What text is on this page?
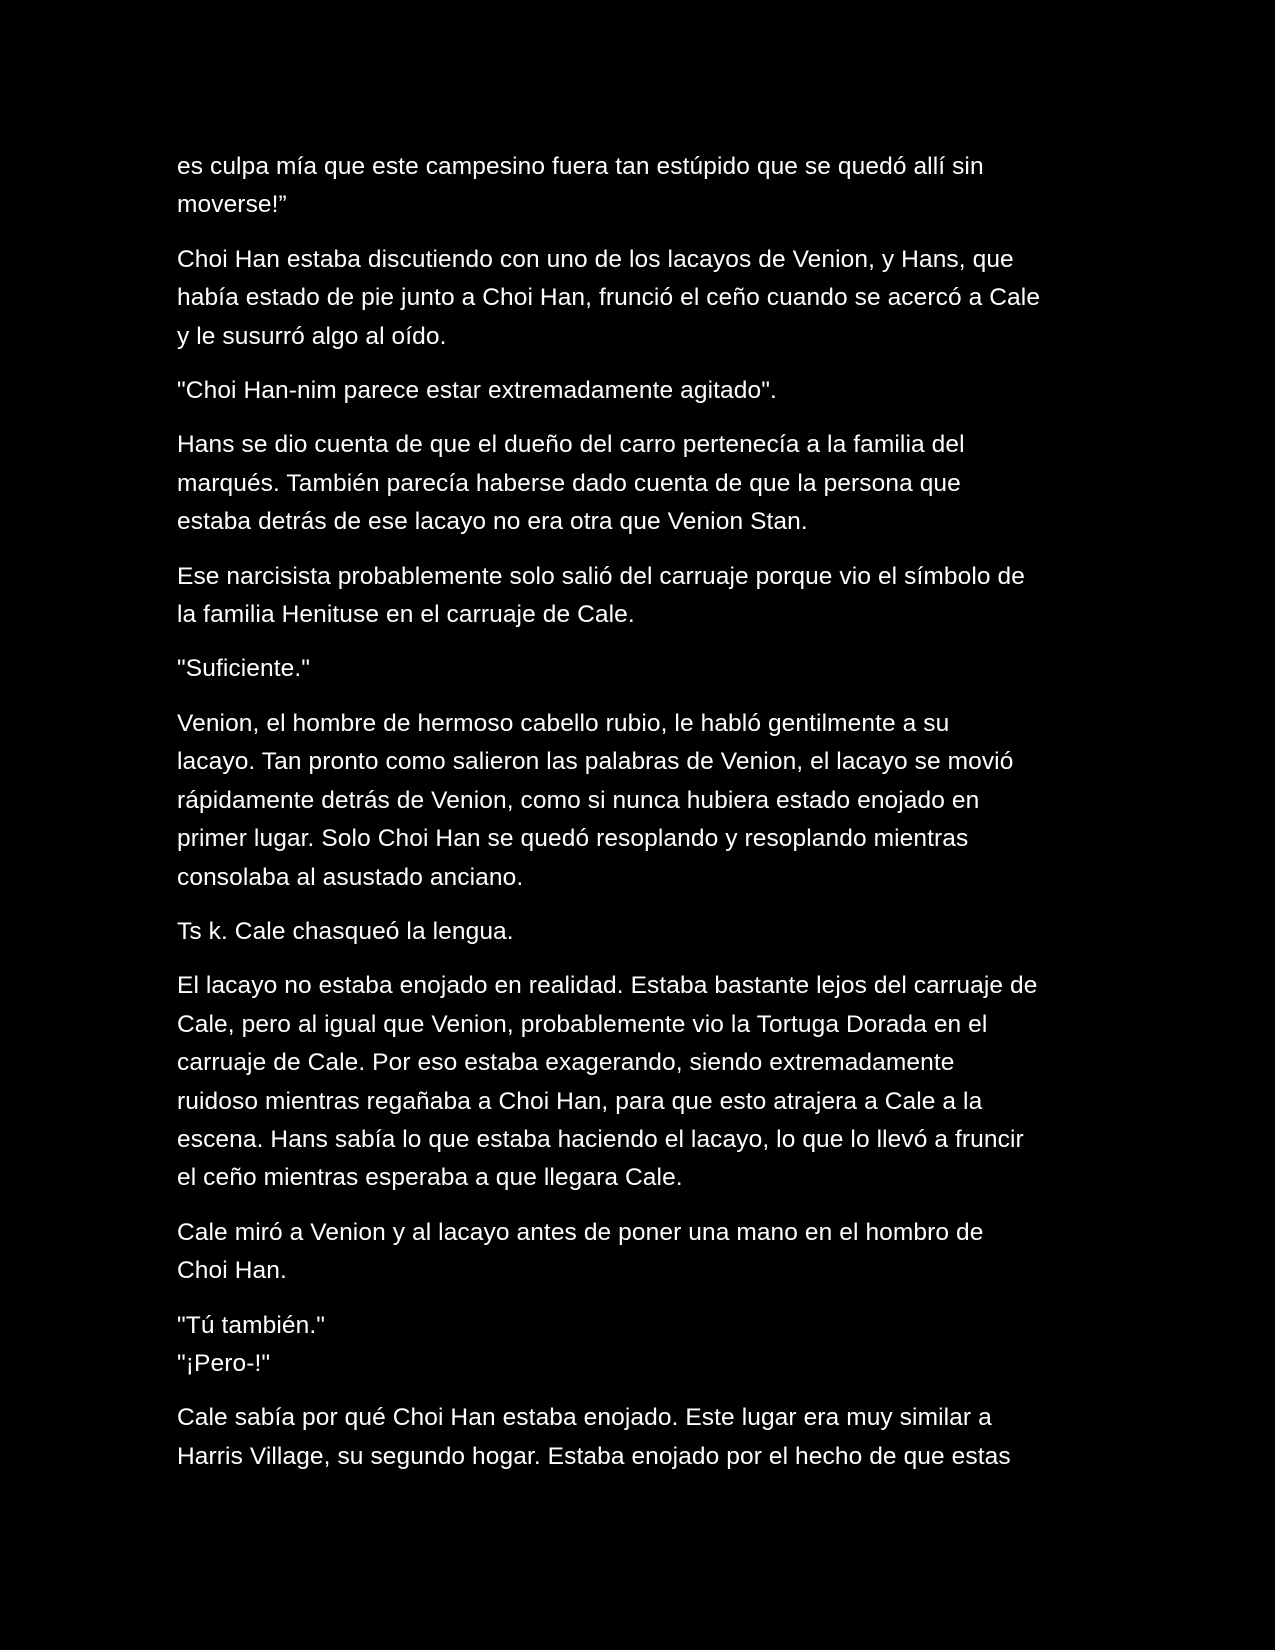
es culpa mía que este campesino fuera tan estúpido que se quedó allí sin
moverse!”
Choi Han estaba discutiendo con uno de los lacayos de Venion, y Hans, que
había estado de pie junto a Choi Han, frunció el ceño cuando se acercó a Cale
y le susurró algo al oído.
"Choi Han-nim parece estar extremadamente agitado".
Hans se dio cuenta de que el dueño del carro pertenecía a la familia del
marqués. También parecía haberse dado cuenta de que la persona que
estaba detrás de ese lacayo no era otra que Venion Stan.
Ese narcisista probablemente solo salió del carruaje porque vio el símbolo de
la familia Henituse en el carruaje de Cale.
"Suficiente."
Venion, el hombre de hermoso cabello rubio, le habló gentilmente a su
lacayo. Tan pronto como salieron las palabras de Venion, el lacayo se movió
rápidamente detrás de Venion, como si nunca hubiera estado enojado en
primer lugar. Solo Choi Han se quedó resoplando y resoplando mientras
consolaba al asustado anciano.
Ts k. Cale chasqueó la lengua.
El lacayo no estaba enojado en realidad. Estaba bastante lejos del carruaje de
Cale, pero al igual que Venion, probablemente vio la Tortuga Dorada en el
carruaje de Cale. Por eso estaba exagerando, siendo extremadamente
ruidoso mientras regañaba a Choi Han, para que esto atrajera a Cale a la
escena. Hans sabía lo que estaba haciendo el lacayo, lo que lo llevó a fruncir
el ceño mientras esperaba a que llegara Cale.
Cale miró a Venion y al lacayo antes de poner una mano en el hombro de
Choi Han.
"Tú también."
"¡Pero-!"
Cale sabía por qué Choi Han estaba enojado. Este lugar era muy similar a
Harris Village, su segundo hogar. Estaba enojado por el hecho de que estas
